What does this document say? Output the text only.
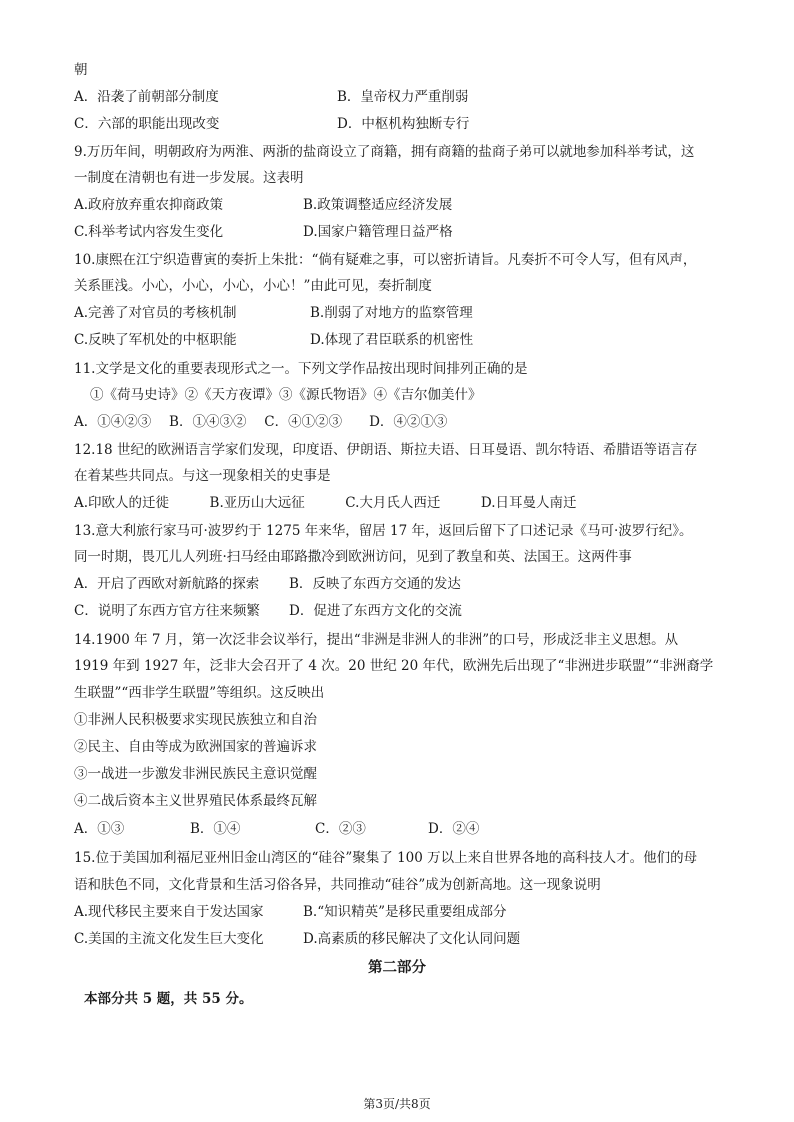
朝
A．沿袭了前朝部分制度	B．皇帝权力严重削弱
C．六部的职能出现改变	D．中枢机构独断专行
9.万历年间，明朝政府为两淮、两浙的盐商设立了商籍，拥有商籍的盐商子弟可以就地参加科举考试，这
一制度在清朝也有进一步发展。这表明
A.政府放弃重农抑商政策	B.政策调整适应经济发展
C.科举考试内容发生变化	D.国家户籍管理日益严格
10.康熙在江宁织造曹寅的奏折上朱批：“倘有疑难之事，可以密折请旨。凡奏折不可令人写，但有风声，
关系匪浅。小心，小心，小心，小心！”由此可见，奏折制度
A.完善了对官员的考核机制	B.削弱了对地方的监察管理
C.反映了军机处的中枢职能	D.体现了君臣联系的机密性
11.文学是文化的重要表现形式之一。下列文学作品按出现时间排列正确的是
①《荷马史诗》②《天方夜谭》③《源氏物语》④《吉尔伽美什》
A．①④②③　 B．①④③②　 C．④①②③　　D．④②①③
12.18 世纪的欧洲语言学家们发现，印度语、伊朗语、斯拉夫语、日耳曼语、凯尔特语、希腊语等语言存
在着某些共同点。与这一现象相关的史事是
A.印欧人的迁徙　　　B.亚历山大远征　　　C.大月氏人西迁　　　D.日耳曼人南迁
13.意大利旅行家马可·波罗约于 1275 年来华，留居 17 年，返回后留下了口述记录《马可·波罗行纪》。
同一时期，畏兀儿人列班·扫马经由耶路撒冷到欧洲访问，见到了教皇和英、法国王。这两件事
A．开启了西欧对新航路的探索 B．反映了东西方交通的发达
C．说明了东西方官方往来频繁 D．促进了东西方文化的交流
14.1900 年 7 月，第一次泛非会议举行，提出“非洲是非洲人的非洲”的口号，形成泛非主义思想。从
1919 年到 1927 年，泛非大会召开了 4 次。20 世纪 20 年代，欧洲先后出现了“非洲进步联盟”“非洲裔学
生联盟”“西非学生联盟”等组织。这反映出
①非洲人民积极要求实现民族独立和自治
②民主、自由等成为欧洲国家的普遍诉求
③一战进一步激发非洲民族民主意识觉醒
④二战后资本主义世界殖民体系最终瓦解
A．①③	B．①④	C．②③	D．②④
15.位于美国加利福尼亚州旧金山湾区的“硅谷”聚集了 100 万以上来自世界各地的高科技人才。他们的母
语和肤色不同，文化背景和生活习俗各异，共同推动“硅谷”成为创新高地。这一现象说明
A.现代移民主要来自于发达国家	B.“知识精英”是移民重要组成部分
C.美国的主流文化发生巨大变化	D.高素质的移民解决了文化认同问题
第二部分
本部分共 5 题，共 55 分。
第3页/共8页
